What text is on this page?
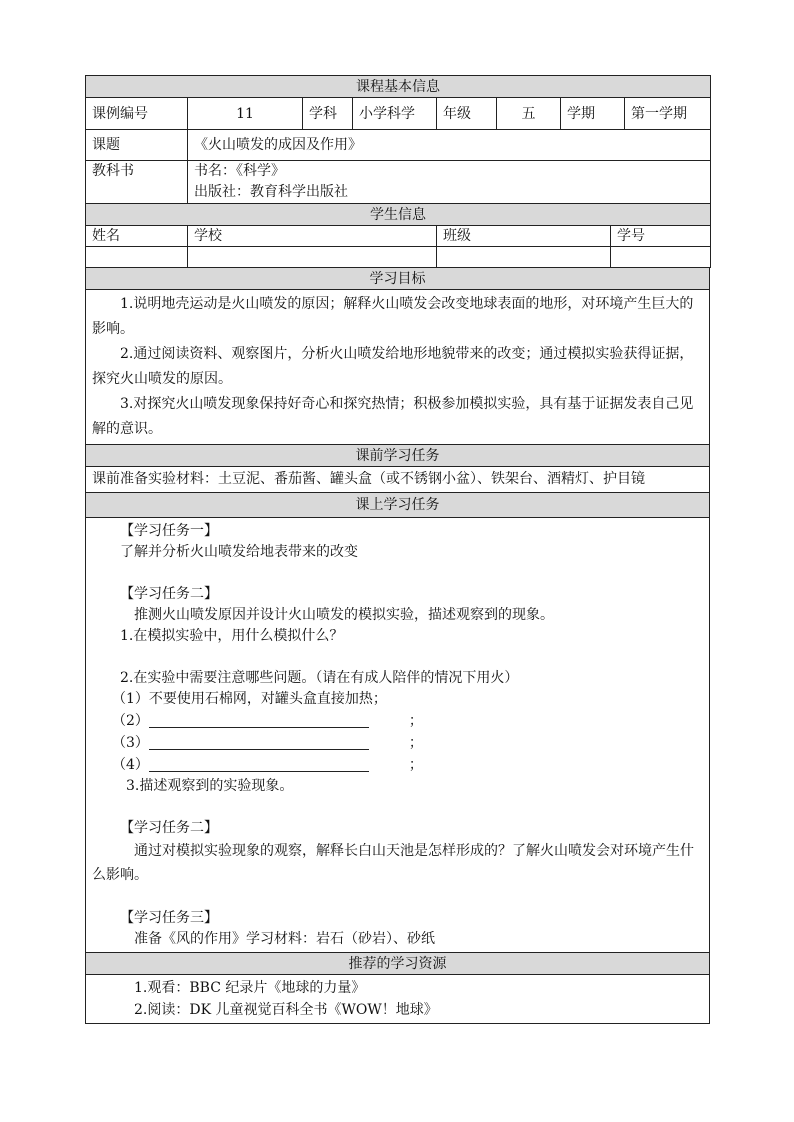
课程基本信息							
课例编号	11	学科	小学科学	年级	五	学期	第一学期
课题	《火山喷发的成因及作用》						
教科书	书名：《科学》
出版社：教育科学出版社						

学生信息							
姓名	学校	班级	学号

学习目标

1.说明地壳运动是火山喷发的原因；解释火山喷发会改变地球表面的地形，对环境产生巨大的影响。
2.通过阅读资料、观察图片，分析火山喷发给地形地貌带来的改变；通过模拟实验获得证据，探究火山喷发的原因。
3.对探究火山喷发现象保持好奇心和探究热情；积极参加模拟实验，具有基于证据发表自己见解的意识。

课前学习任务
课前准备实验材料：土豆泥、番茄酱、罐头盒（或不锈钢小盆）、铁架台、酒精灯、护目镜
课上学习任务

【学习任务一】
了解并分析火山喷发给地表带来的改变
【学习任务二】
推测火山喷发原因并设计火山喷发的模拟实验，描述观察到的现象。
1.在模拟实验中，用什么模拟什么？
2.在实验中需要注意哪些问题。（请在有成人陪伴的情况下用火）
（1）不要使用石棉网，对罐头盒直接加热；
（2）	；
（3）	；
（4）	；
3.描述观察到的实验现象。
【学习任务二】
通过对模拟实验现象的观察，解释长白山天池是怎样形成的？了解火山喷发会对环境产生什么影响。
【学习任务三】
准备《风的作用》学习材料：岩石（砂岩）、砂纸

推荐的学习资源

1.观看：BBC 纪录片《地球的力量》
2.阅读：DK 儿童视觉百科全书《WOW！地球》
